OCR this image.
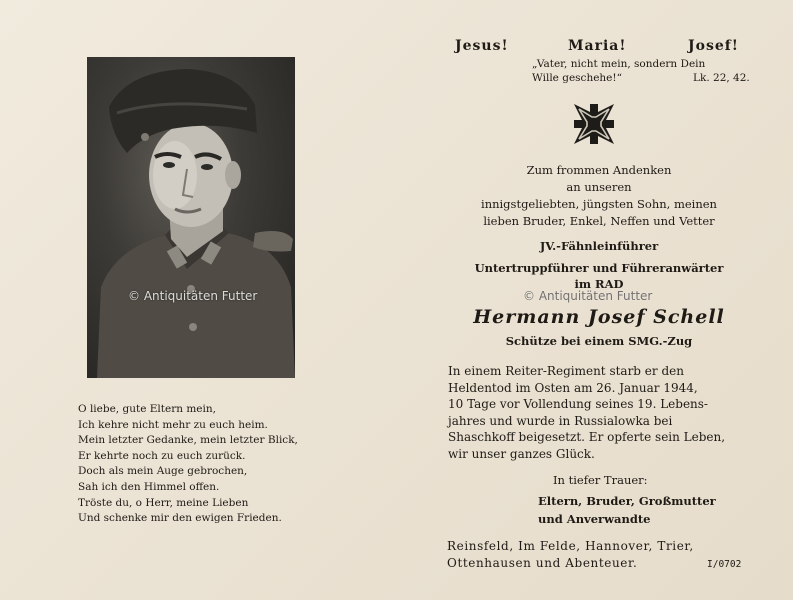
© Antiquitäten Futter
O liebe, gute Eltern mein,
Ich kehre nicht mehr zu euch heim.
Mein letzter Gedanke, mein letzter Blick,
Er kehrte noch zu euch zurück.
Doch als mein Auge gebrochen,
Sah ich den Himmel offen.
Tröste du, o Herr, meine Lieben
Und schenke mir den ewigen Frieden.
Jesus!	Maria!	Josef!
„Vater, nicht mein, sondern Dein
Wille geschehe!“	Lk. 22, 42.
Zum frommen Andenken
an unseren
innigstgeliebten, jüngsten Sohn, meinen
lieben Bruder, Enkel, Neffen und Vetter
JV.-Fähnleinführer
Untertruppführer und Führeranwärter
im RAD
Hermann Josef Schell
Schütze bei einem SMG.-Zug
In einem Reiter-Regiment starb er den
Heldentod im Osten am 26. Januar 1944,
10 Tage vor Vollendung seines 19. Lebens-
jahres und wurde in Russialowka bei
Shaschkoff beigesetzt. Er opferte sein Leben,
wir unser ganzes Glück.
In tiefer Trauer:
Eltern, Bruder, Großmutter
und Anverwandte
Reinsfeld, Im Felde, Hannover, Trier,
Ottenhausen und Abenteuer.	I/0702
© Antiquitäten Futter
